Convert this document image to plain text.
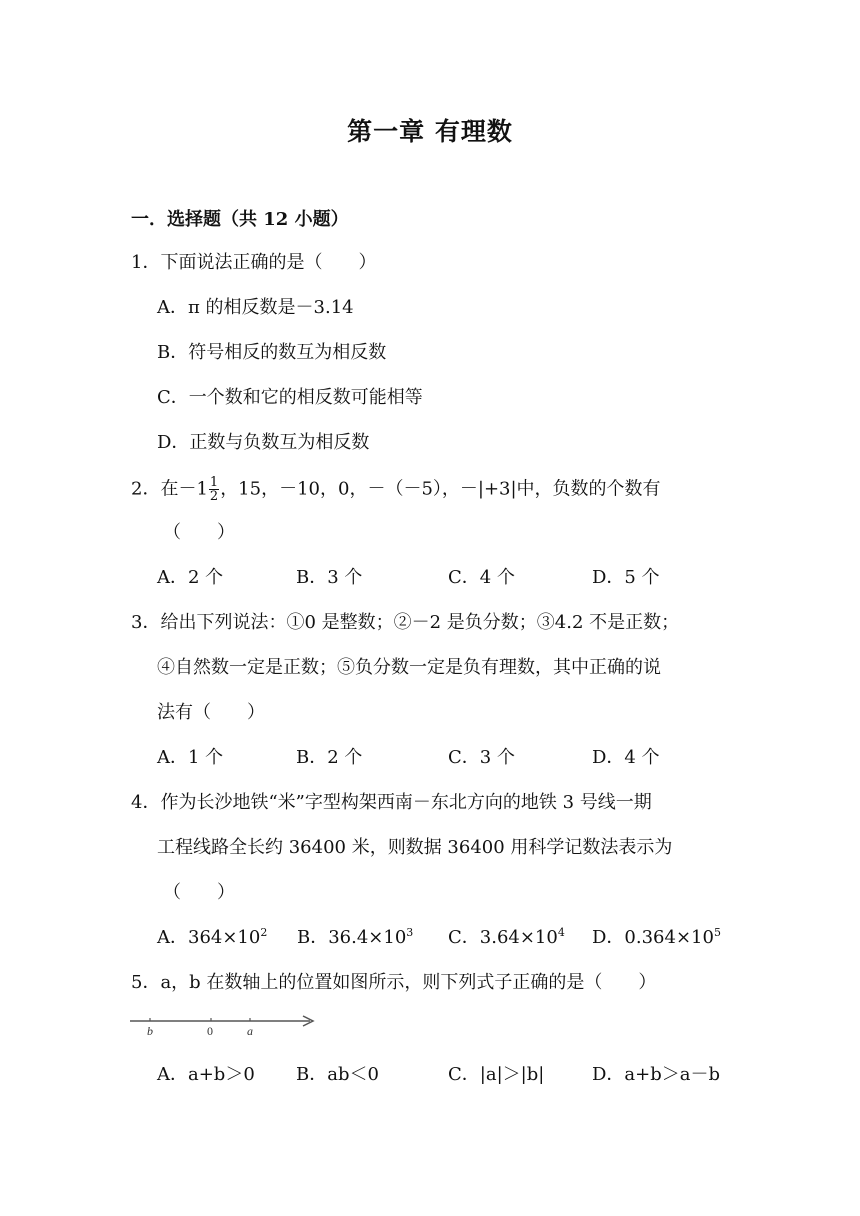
第一章 有理数
一．选择题（共 12 小题）
1．下面说法正确的是（　　）
A．π 的相反数是－3.14
B．符号相反的数互为相反数
C．一个数和它的相反数可能相等
D．正数与负数互为相反数
2．在$-1 \frac{1}{2}$ ，15，－10，0，－（－5），－|+3|中，负数的个数有
（　　）
A．2 个	B．3 个	C．4 个	D．5 个
3．给出下列说法：①0 是整数；②－2 是负分数；③4.2 不是正数；
④自然数一定是正数；⑤负分数一定是负有理数，其中正确的说
法有（　　）
A．1 个	B．2 个	C．3 个	D．4 个
4．作为长沙地铁“米”字型构架西南－东北方向的地铁 3 号线一期
工程线路全长约 36400 米，则数据 36400 用科学记数法表示为
（　　）
A．$364\times 10^2$ B．$36.4\times 10^3$ C．$3.64\times 10^4$ D．$0.364\times 10^5$
5．a，b 在数轴上的位置如图所示，则下列式子正确的是（　　）
b	0	a
A．a+b＞0 B．ab＜0	C．|a|＞|b|	D．a+b＞a－b
